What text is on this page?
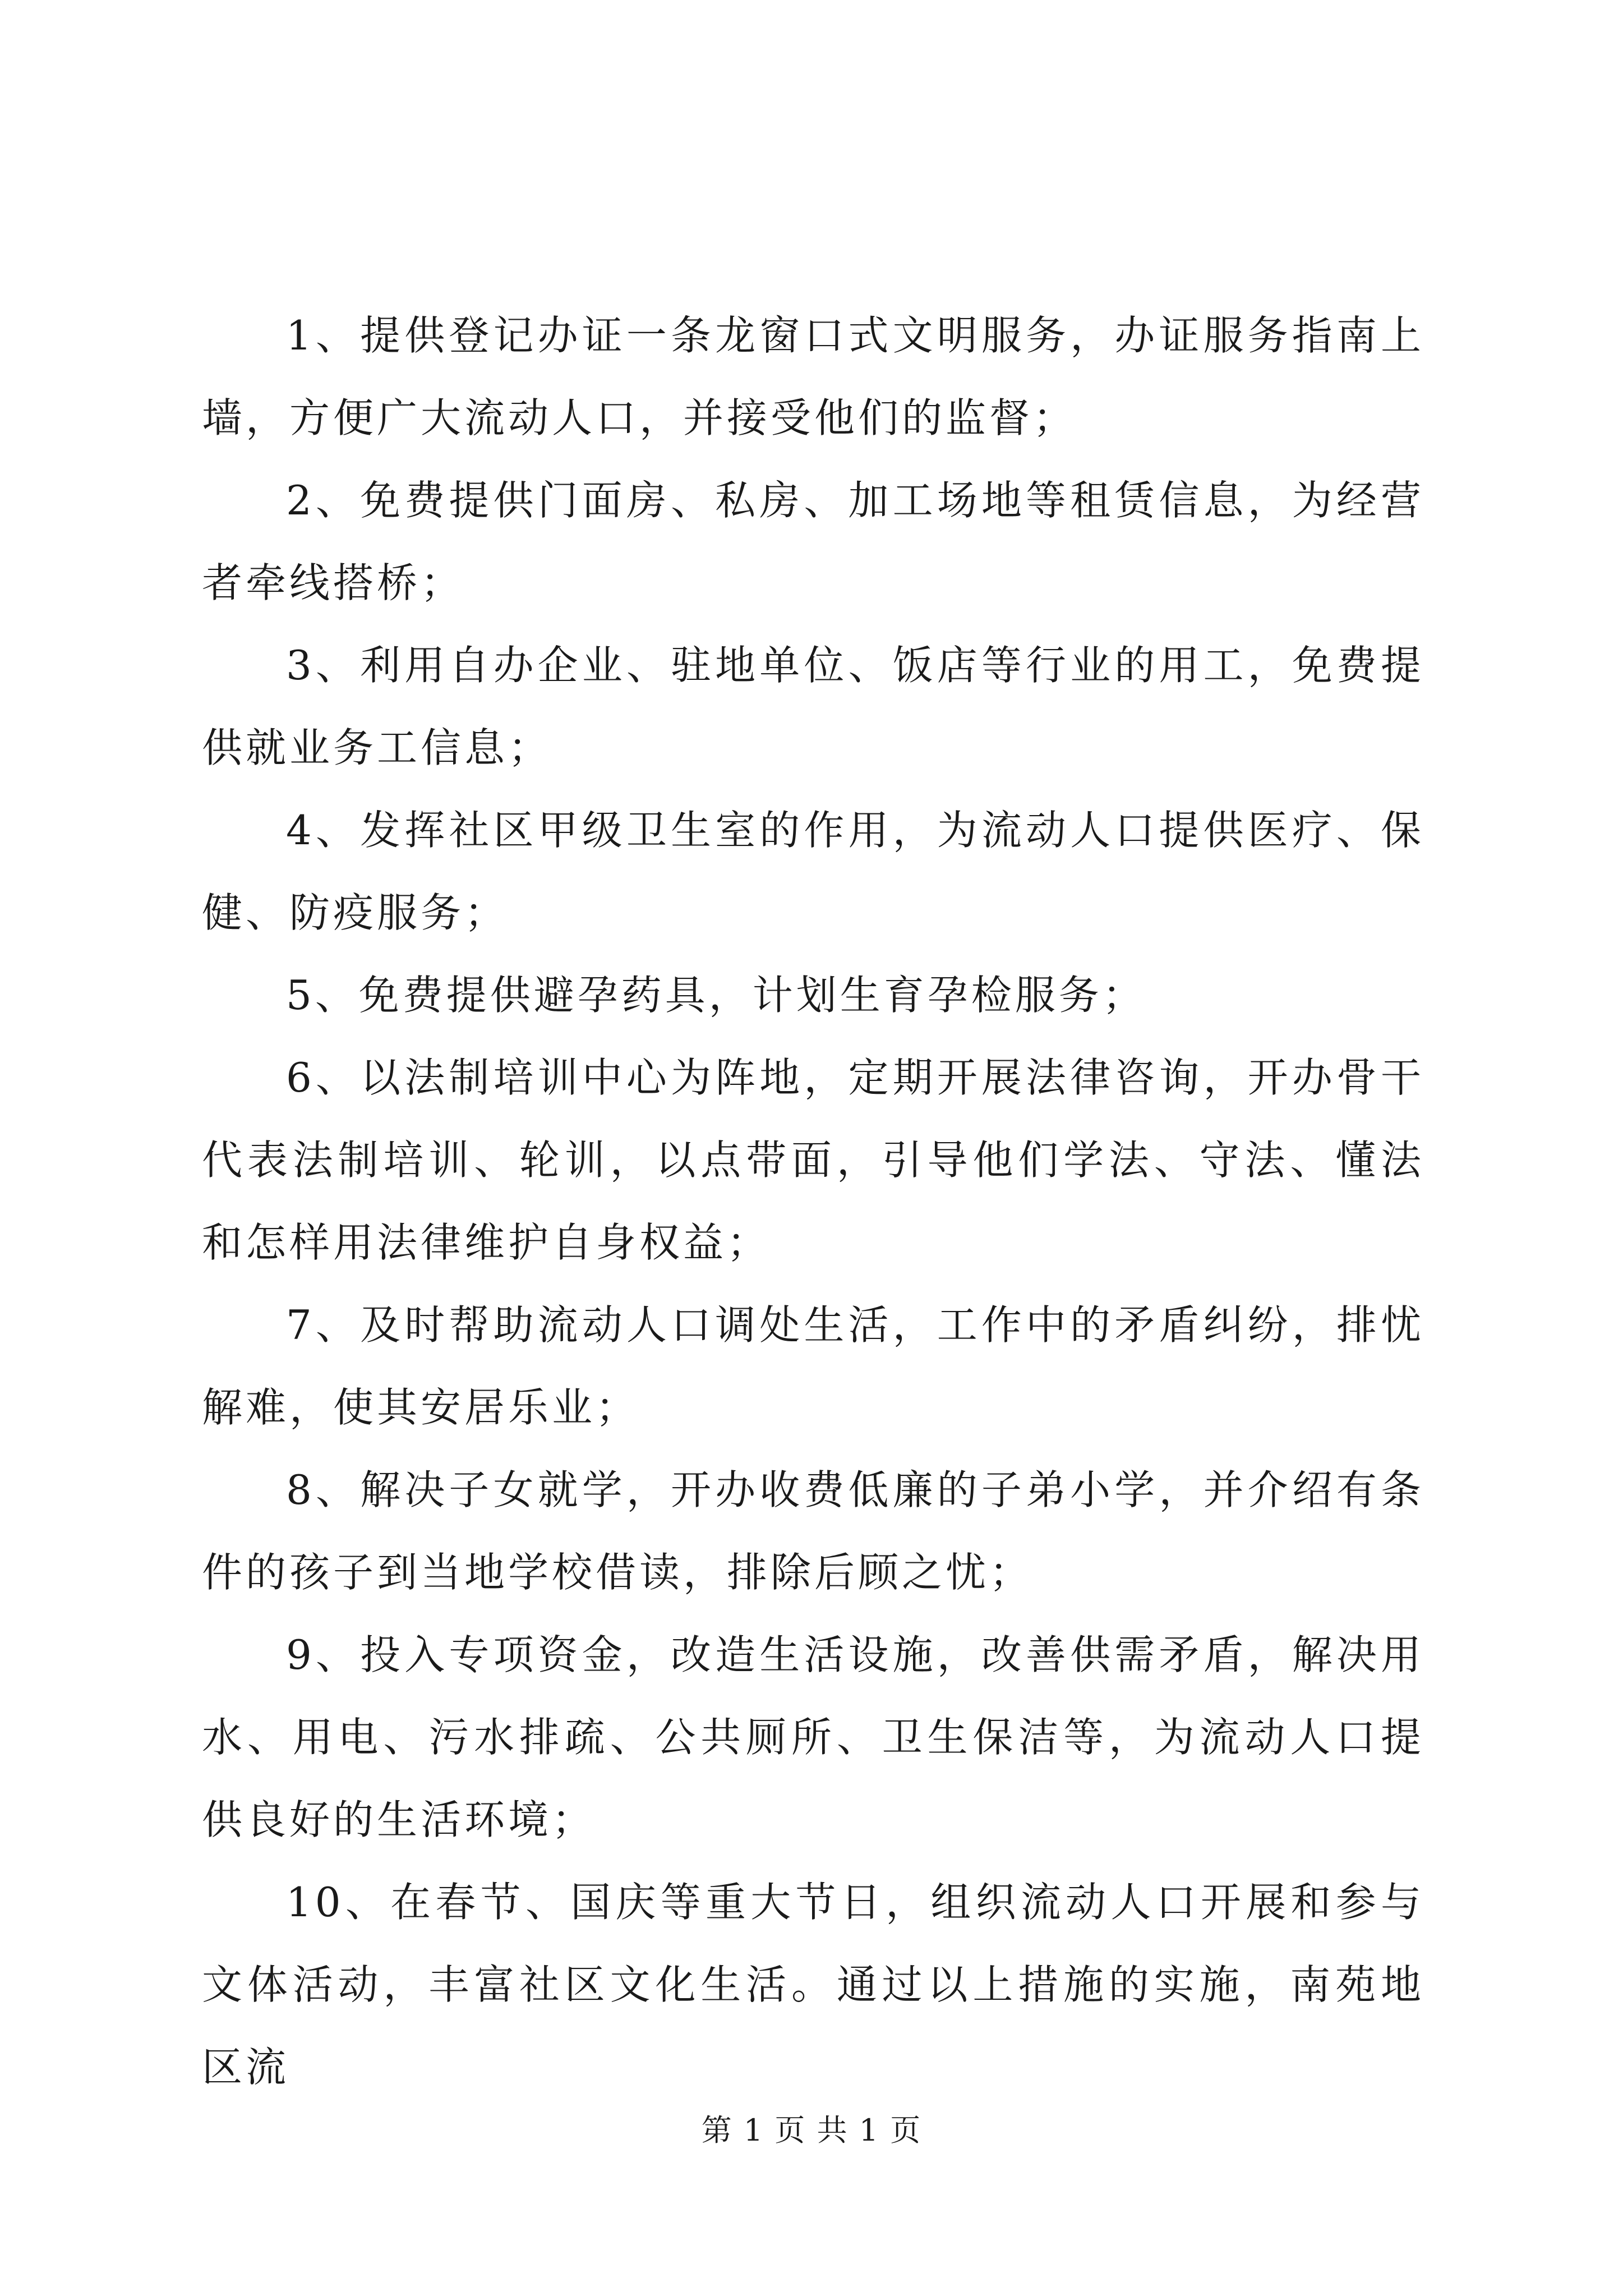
1、提供登记办证一条龙窗口式文明服务，办证服务指南上墙，方便广大流动人口，并接受他们的监督；

2、免费提供门面房、私房、加工场地等租赁信息，为经营者牵线搭桥；

3、利用自办企业、驻地单位、饭店等行业的用工，免费提供就业务工信息；

4、发挥社区甲级卫生室的作用，为流动人口提供医疗、保健、防疫服务；

5、免费提供避孕药具，计划生育孕检服务；

6、以法制培训中心为阵地，定期开展法律咨询，开办骨干代表法制培训、轮训，以点带面，引导他们学法、守法、懂法和怎样用法律维护自身权益；

7、及时帮助流动人口调处生活，工作中的矛盾纠纷，排忧解难，使其安居乐业；

8、解决子女就学，开办收费低廉的子弟小学，并介绍有条件的孩子到当地学校借读，排除后顾之忧；

9、投入专项资金，改造生活设施，改善供需矛盾，解决用水、用电、污水排疏、公共厕所、卫生保洁等，为流动人口提供良好的生活环境；

10、在春节、国庆等重大节日，组织流动人口开展和参与文体活动，丰富社区文化生活。通过以上措施的实施，南苑地区流

第 1 页 共 1 页
